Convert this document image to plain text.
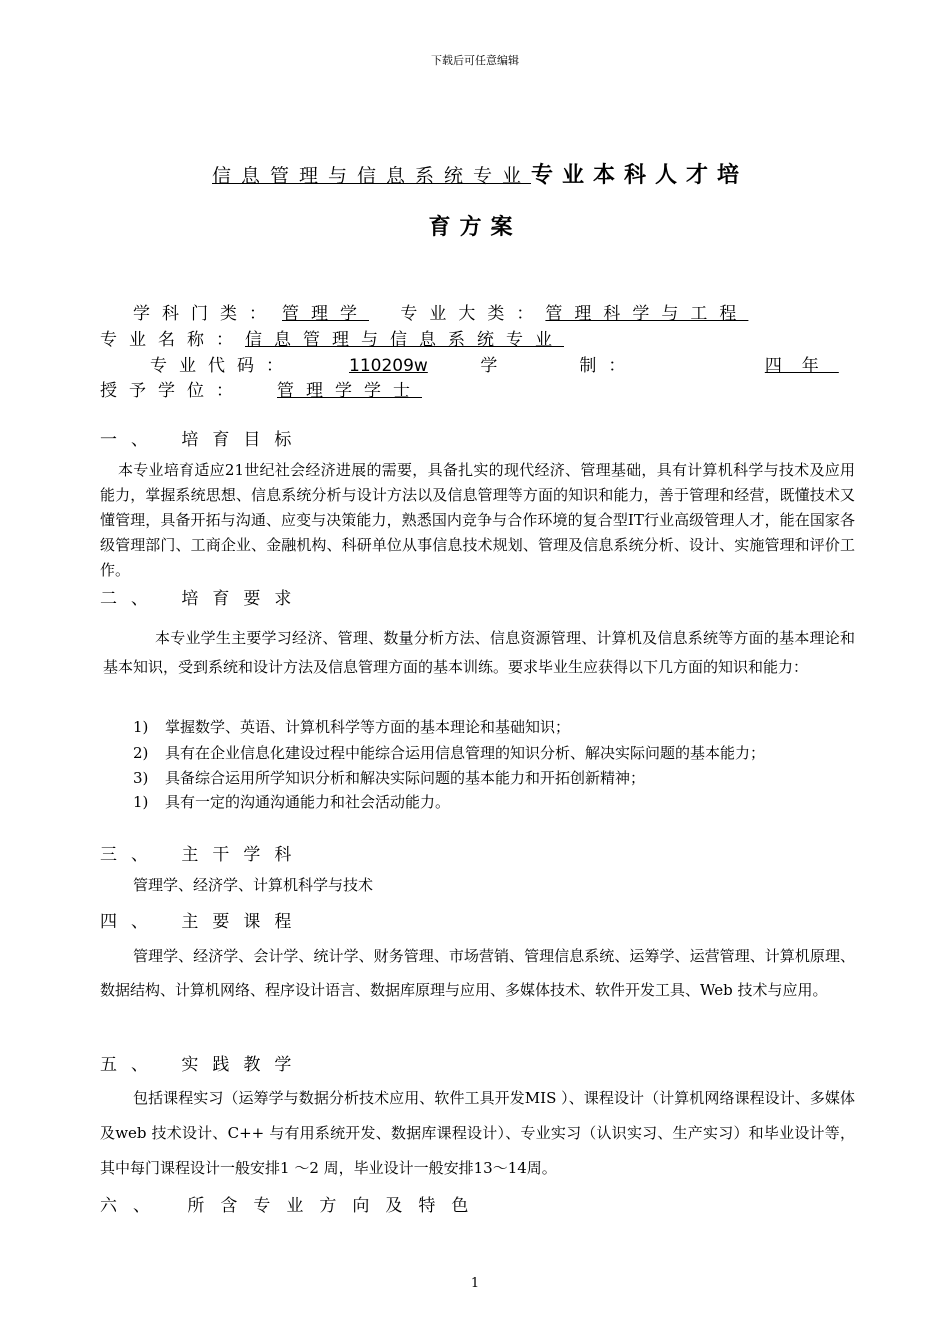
下载后可任意编辑
信息管理与信息系统专业专业本科人才培
育方案
学科门类： 管理学 专业大类：管理科学与工程
专业名称：信息管理与信息系统专业
专业代码：	110209w	学	制：	四年
授予学位： 管理学学士
一、 培育目标
本专业培育适应21世纪社会经济进展的需要，具备扎实的现代经济、管理基础，具有计算机科学与技术及应用能力，掌握系统思想、信息系统分析与设计方法以及信息管理等方面的知识和能力，善于管理和经营，既懂技术又懂管理，具备开拓与沟通、应变与决策能力，熟悉国内竞争与合作环境的复合型IT行业高级管理人才，能在国家各级管理部门、工商企业、金融机构、科研单位从事信息技术规划、管理及信息系统分析、设计、实施管理和评价工作。
二、 培育要求
本专业学生主要学习经济、管理、数量分析方法、信息资源管理、计算机及信息系统等方面的基本理论和基本知识，受到系统和设计方法及信息管理方面的基本训练。要求毕业生应获得以下几方面的知识和能力：
1) 掌握数学、英语、计算机科学等方面的基本理论和基础知识；
2) 具有在企业信息化建设过程中能综合运用信息管理的知识分析、解决实际问题的基本能力；
3) 具备综合运用所学知识分析和解决实际问题的基本能力和开拓创新精神；
1) 具有一定的沟通沟通能力和社会活动能力。
三、 主干学科
管理学、经济学、计算机科学与技术
四、 主要课程
管理学、经济学、会计学、统计学、财务管理、市场营销、管理信息系统、运筹学、运营管理、计算机原理、数据结构、计算机网络、程序设计语言、数据库原理与应用、多媒体技术、软件开发工具、Web 技术与应用。
五、 实践教学
包括课程实习（运筹学与数据分析技术应用、软件工具开发MIS ）、课程设计（计算机网络课程设计、多媒体及web 技术设计、C++ 与有用系统开发、数据库课程设计）、专业实习（认识实习、生产实习）和毕业设计等，其中每门课程设计一般安排1 ～2 周，毕业设计一般安排13～14周。
六、 所含专业方向及特色
1
